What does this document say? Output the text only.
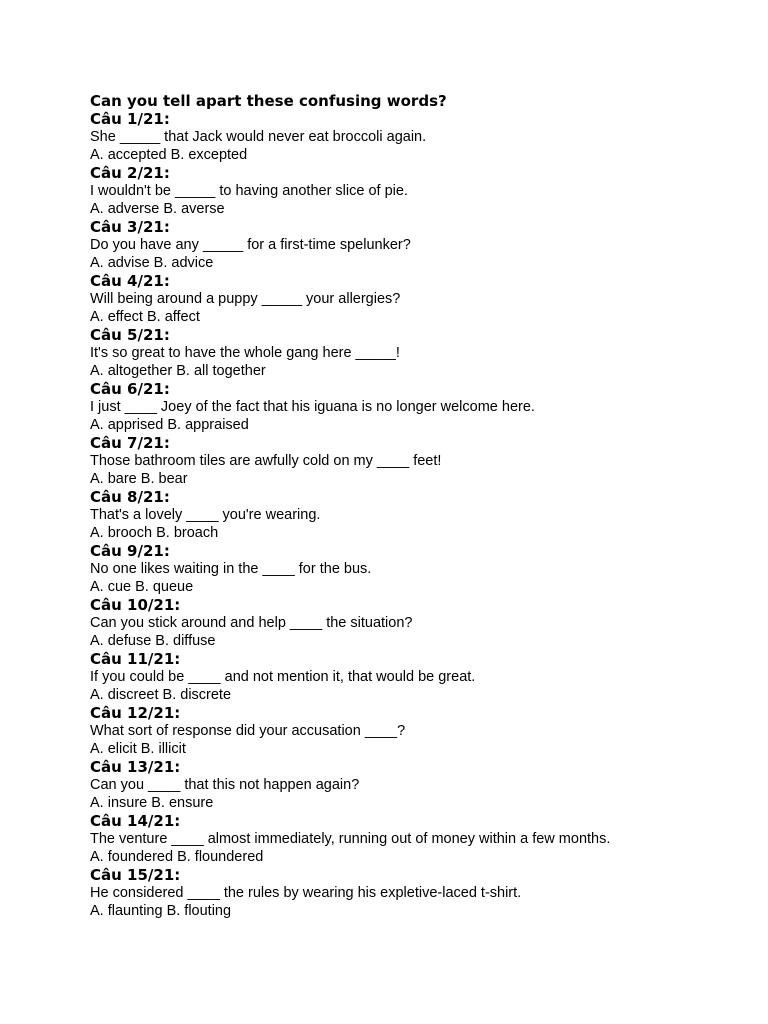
Can you tell apart these confusing words?
Câu 1/21:
She _____ that Jack would never eat broccoli again.
A. accepted B. excepted
Câu 2/21:
I wouldn't be _____ to having another slice of pie.
A. adverse B. averse
Câu 3/21:
Do you have any _____ for a first-time spelunker?
A. advise B. advice
Câu 4/21:
Will being around a puppy _____ your allergies?
A. effect B. affect
Câu 5/21:
It's so great to have the whole gang here _____!
A. altogether B. all together
Câu 6/21:
I just ____ Joey of the fact that his iguana is no longer welcome here.
A. apprised B. appraised
Câu 7/21:
Those bathroom tiles are awfully cold on my ____ feet!
A. bare B. bear
Câu 8/21:
That's a lovely ____ you're wearing.
A. brooch B. broach
Câu 9/21:
No one likes waiting in the ____ for the bus.
A. cue B. queue
Câu 10/21:
Can you stick around and help ____ the situation?
A. defuse B. diffuse
Câu 11/21:
If you could be ____ and not mention it, that would be great.
A. discreet B. discrete
Câu 12/21:
What sort of response did your accusation ____?
A. elicit B. illicit
Câu 13/21:
Can you ____ that this not happen again?
A. insure B. ensure
Câu 14/21:
The venture ____ almost immediately, running out of money within a few months.
A. foundered B. floundered
Câu 15/21:
He considered ____ the rules by wearing his expletive-laced t-shirt.
A. flaunting B. flouting
